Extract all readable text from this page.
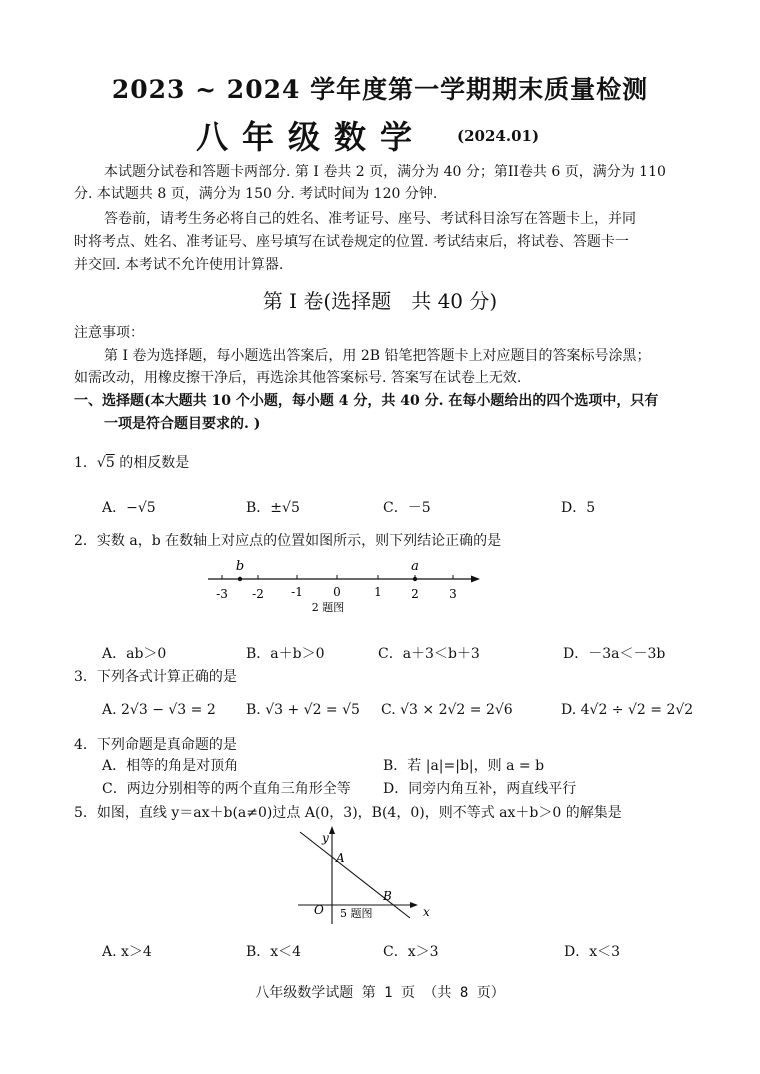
2023 ~ 2024 学年度第一学期期末质量检测
八年级数学 (2024.01)
本试题分试卷和答题卡两部分. 第 I 卷共 2 页，满分为 40 分；第II卷共 6 页，满分为 110
分. 本试题共 8 页，满分为 150 分. 考试时间为 120 分钟.
答卷前，请考生务必将自己的姓名、准考证号、座号、考试科目涂写在答题卡上，并同
时将考点、姓名、准考证号、座号填写在试卷规定的位置. 考试结束后，将试卷、答题卡一
并交回. 本考试不允许使用计算器.
第 I 卷(选择题　共 40 分)
注意事项：
第 I 卷为选择题，每小题选出答案后，用 2B 铅笔把答题卡上对应题目的答案标号涂黑；
如需改动，用橡皮擦干净后，再选涂其他答案标号. 答案写在试卷上无效.
一、选择题(本大题共 10 个小题，每小题 4 分，共 40 分. 在每小题给出的四个选项中，只有
一项是符合题目要求的. )
1．√5 的相反数是
A．−√5	B．±√5	C．－5	D．5
2．实数 a，b 在数轴上对应点的位置如图所示，则下列结论正确的是
-3 -2 -1	0	1 2	3
b	a
2 题图
A．ab＞0	B．a＋b＞0	C．a＋3＜b＋3	D．－3a＜－3b
3．下列各式计算正确的是
A. 2√3 − √3 = 2 B. √3 + √2 = √5 C. √3 × 2√2 = 2√6	D. 4√2 ÷ √2 = 2√2
4．下列命题是真命题的是
A．相等的角是对顶角	B．若 |a|=|b|，则 a = b
C．两边分别相等的两个直角三角形全等 D．同旁内角互补，两直线平行
5．如图，直线 y＝ax＋b(a≠0)过点 A(0，3)，B(4，0)，则不等式 ax＋b＞0 的解集是
y
x
O
A
B
5 题图
A. x＞4	B．x＜4	C．x＞3	D．x＜3
八年级数学试题 第 1 页 （共 8 页）
